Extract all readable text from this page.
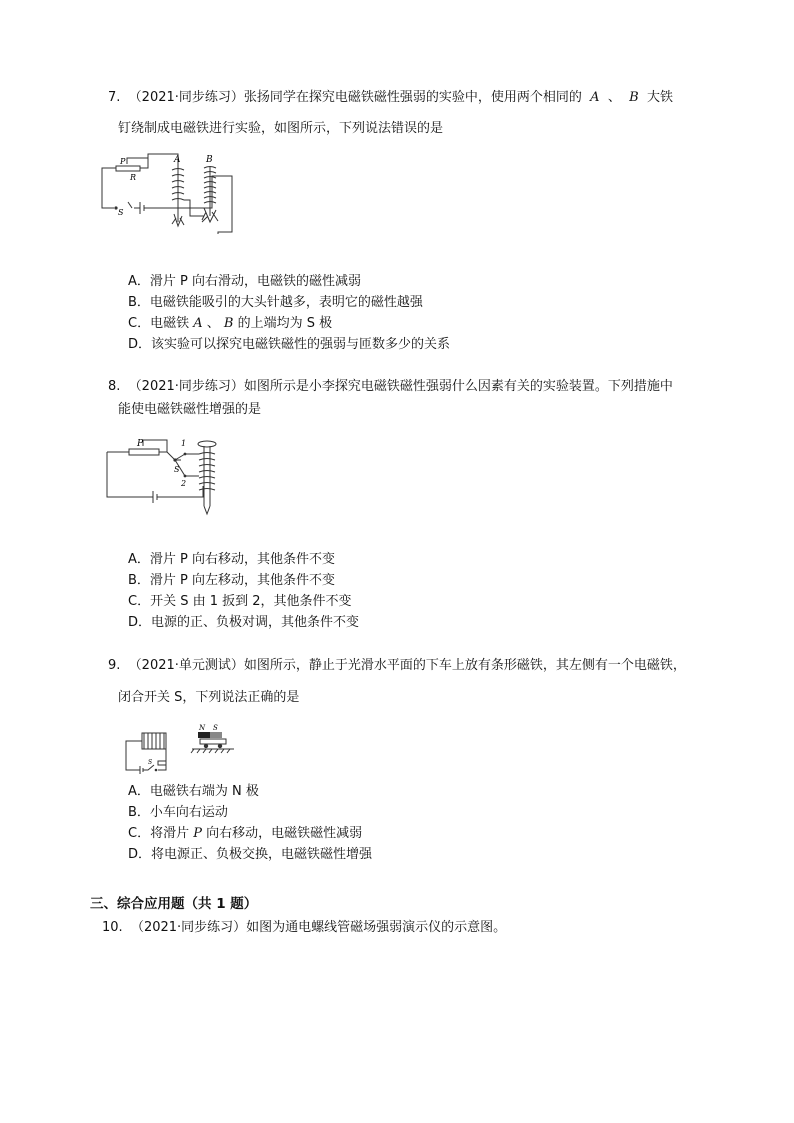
7. （2021·同步练习）张扬同学在探究电磁铁磁性强弱的实验中，使用两个相同的 A 、 B 大铁
钉绕制成电磁铁进行实验，如图所示，下列说法错误的是
P
R
S
A	B
A．滑片 P 向右滑动，电磁铁的磁性减弱
B．电磁铁能吸引的大头针越多，表明它的磁性越强
C．电磁铁 A 、 B 的上端均为 S 极
D．该实验可以探究电磁铁磁性的强弱与匝数多少的关系
8. （2021·同步练习）如图所示是小李探究电磁铁磁性强弱什么因素有关的实验装置。下列措施中
能使电磁铁磁性增强的是
P	1
S
2
A．滑片 P 向右移动，其他条件不变
B．滑片 P 向左移动，其他条件不变
C．开关 S 由 1 扳到 2，其他条件不变
D．电源的正、负极对调，其他条件不变
9. （2021·单元测试）如图所示，静止于光滑水平面的下车上放有条形磁铁，其左侧有一个电磁铁，
闭合开关 S，下列说法正确的是
N S
S
A．电磁铁右端为 N 极
B．小车向右运动
C．将滑片 P 向右移动，电磁铁磁性减弱
D．将电源正、负极交换，电磁铁磁性增强
三、综合应用题（共 1 题）
10. （2021·同步练习）如图为通电螺线管磁场强弱演示仪的示意图。
